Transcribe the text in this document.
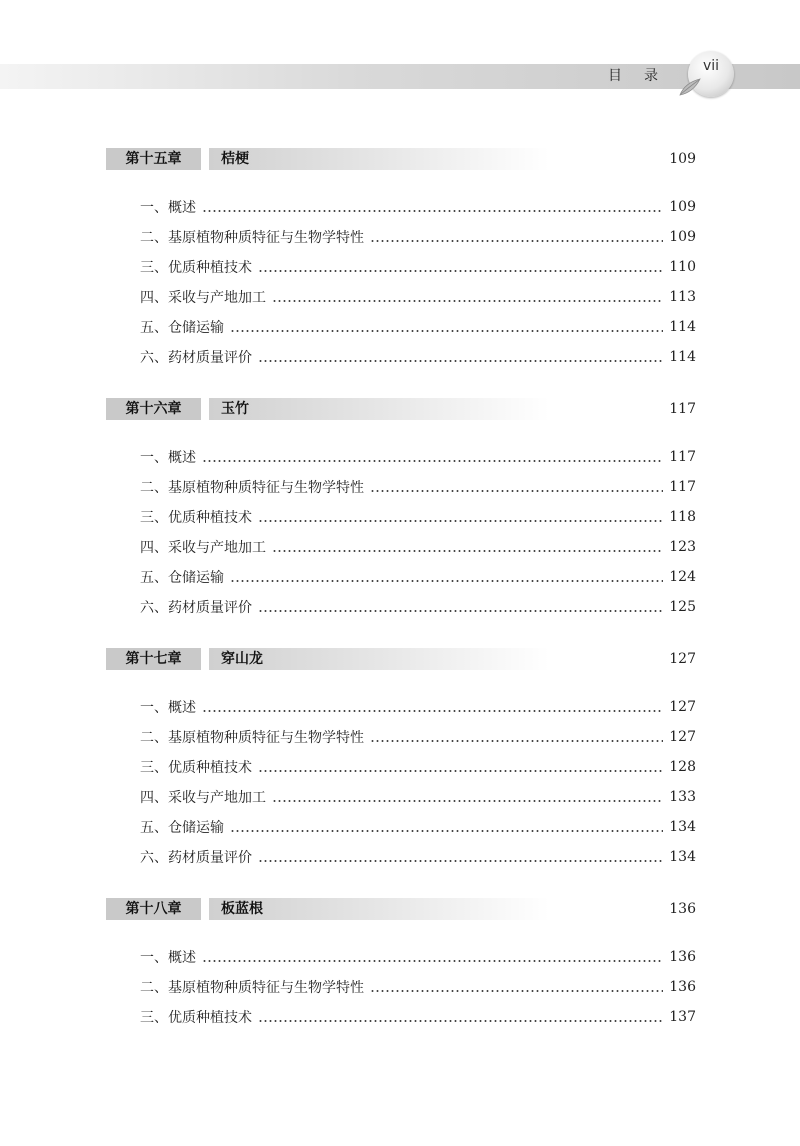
目录
vii
第十五章	桔梗	109
一、概述	109
二、基原植物种质特征与生物学特性	109
三、优质种植技术	110
四、采收与产地加工	113
五、仓储运输	114
六、药材质量评价	114
第十六章	玉竹	117
一、概述	117
二、基原植物种质特征与生物学特性	117
三、优质种植技术	118
四、采收与产地加工	123
五、仓储运输	124
六、药材质量评价	125
第十七章	穿山龙	127
一、概述	127
二、基原植物种质特征与生物学特性	127
三、优质种植技术	128
四、采收与产地加工	133
五、仓储运输	134
六、药材质量评价	134
第十八章	板蓝根	136
一、概述	136
二、基原植物种质特征与生物学特性	136
三、优质种植技术	137
